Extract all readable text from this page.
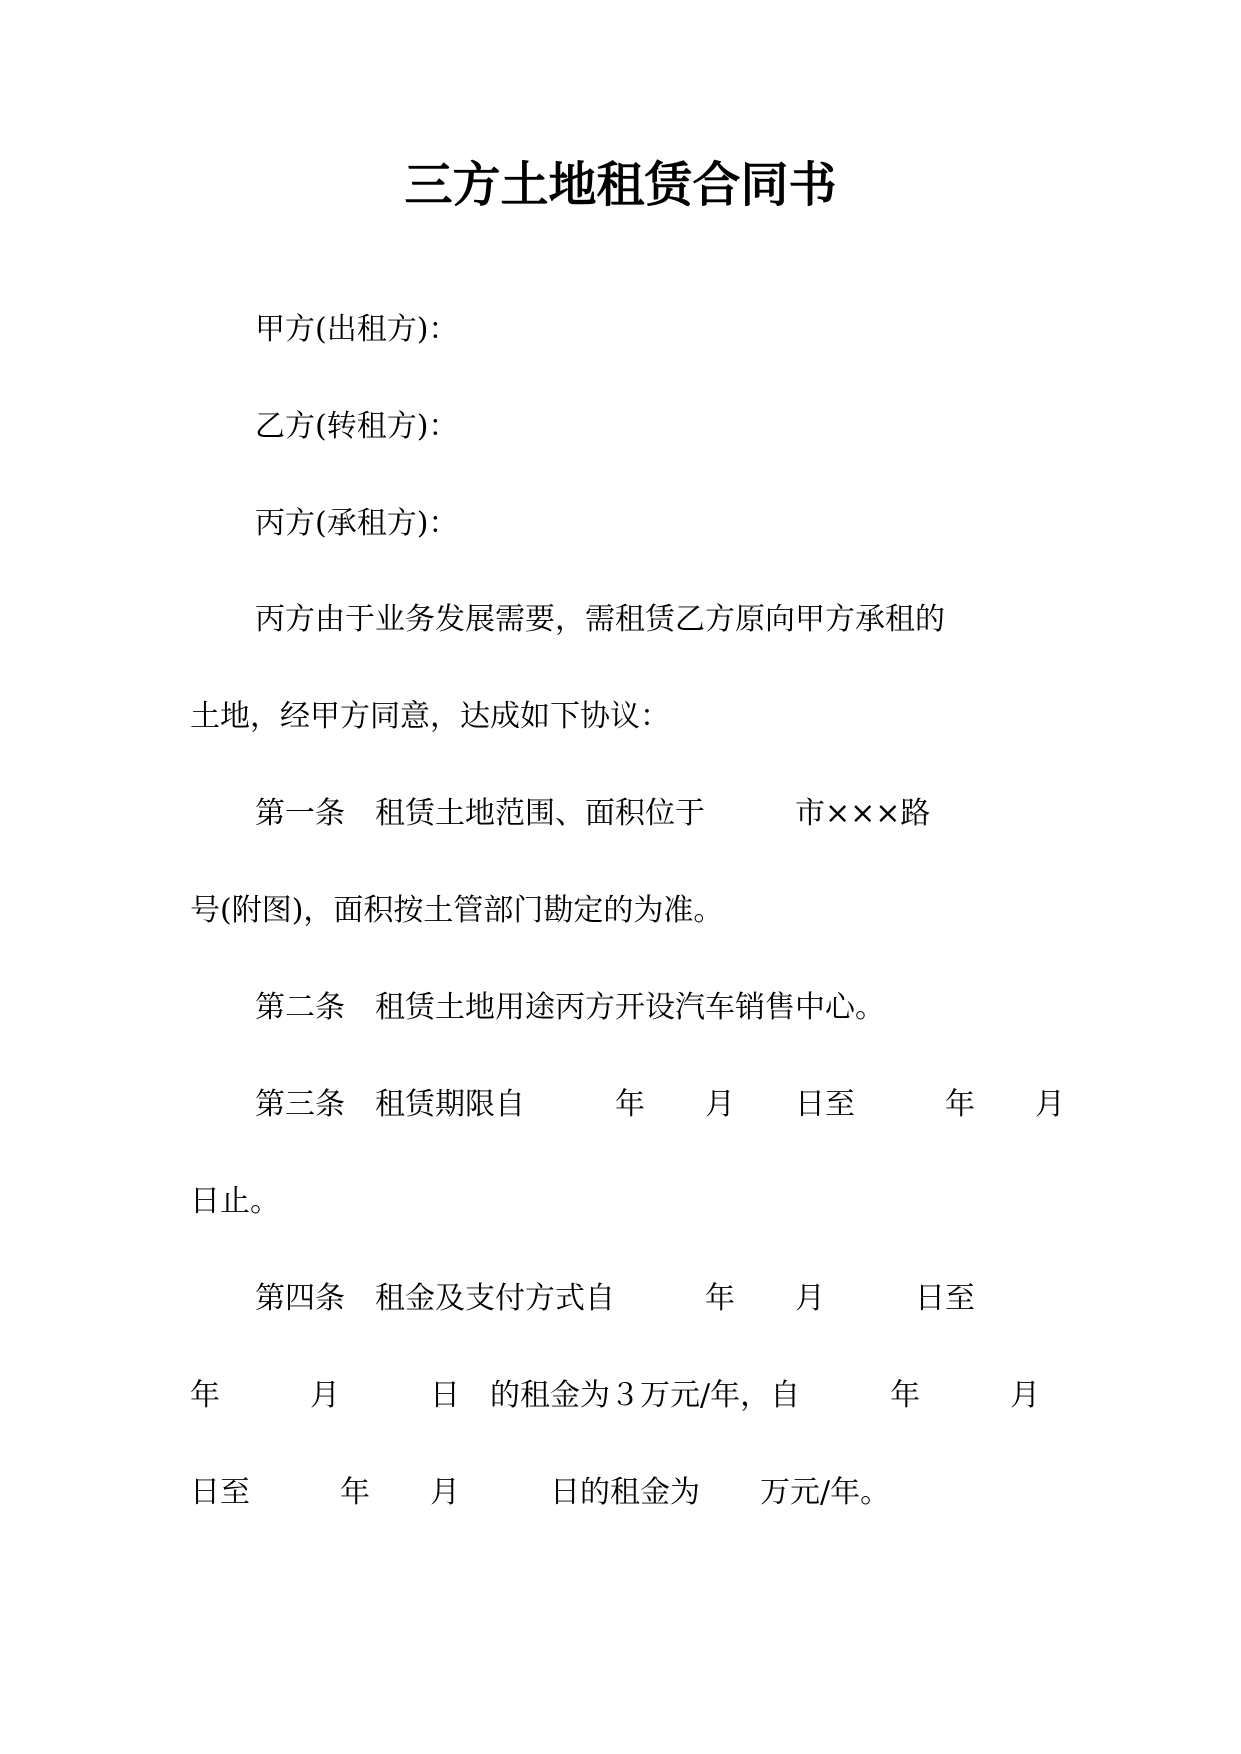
三方土地租赁合同书
甲方(出租方)：
乙方(转租方)：
丙方(承租方)：
丙方由于业务发展需要，需租赁乙方原向甲方承租的
土地，经甲方同意，达成如下协议：
第一条　租赁土地范围、面积位于　　　市×××路
号(附图)，面积按土管部门勘定的为准。
第二条　租赁土地用途丙方开设汽车销售中心。
第三条　租赁期限自　　　年　　月　　日至　　　年　　月
日止。
第四条　租金及支付方式自　　　年　　月　　　日至
年　　　月　　　日　的租金为３万元/年，自　　　年　　　月
日至　　　年　　月　　　日的租金为　　万元/年。
